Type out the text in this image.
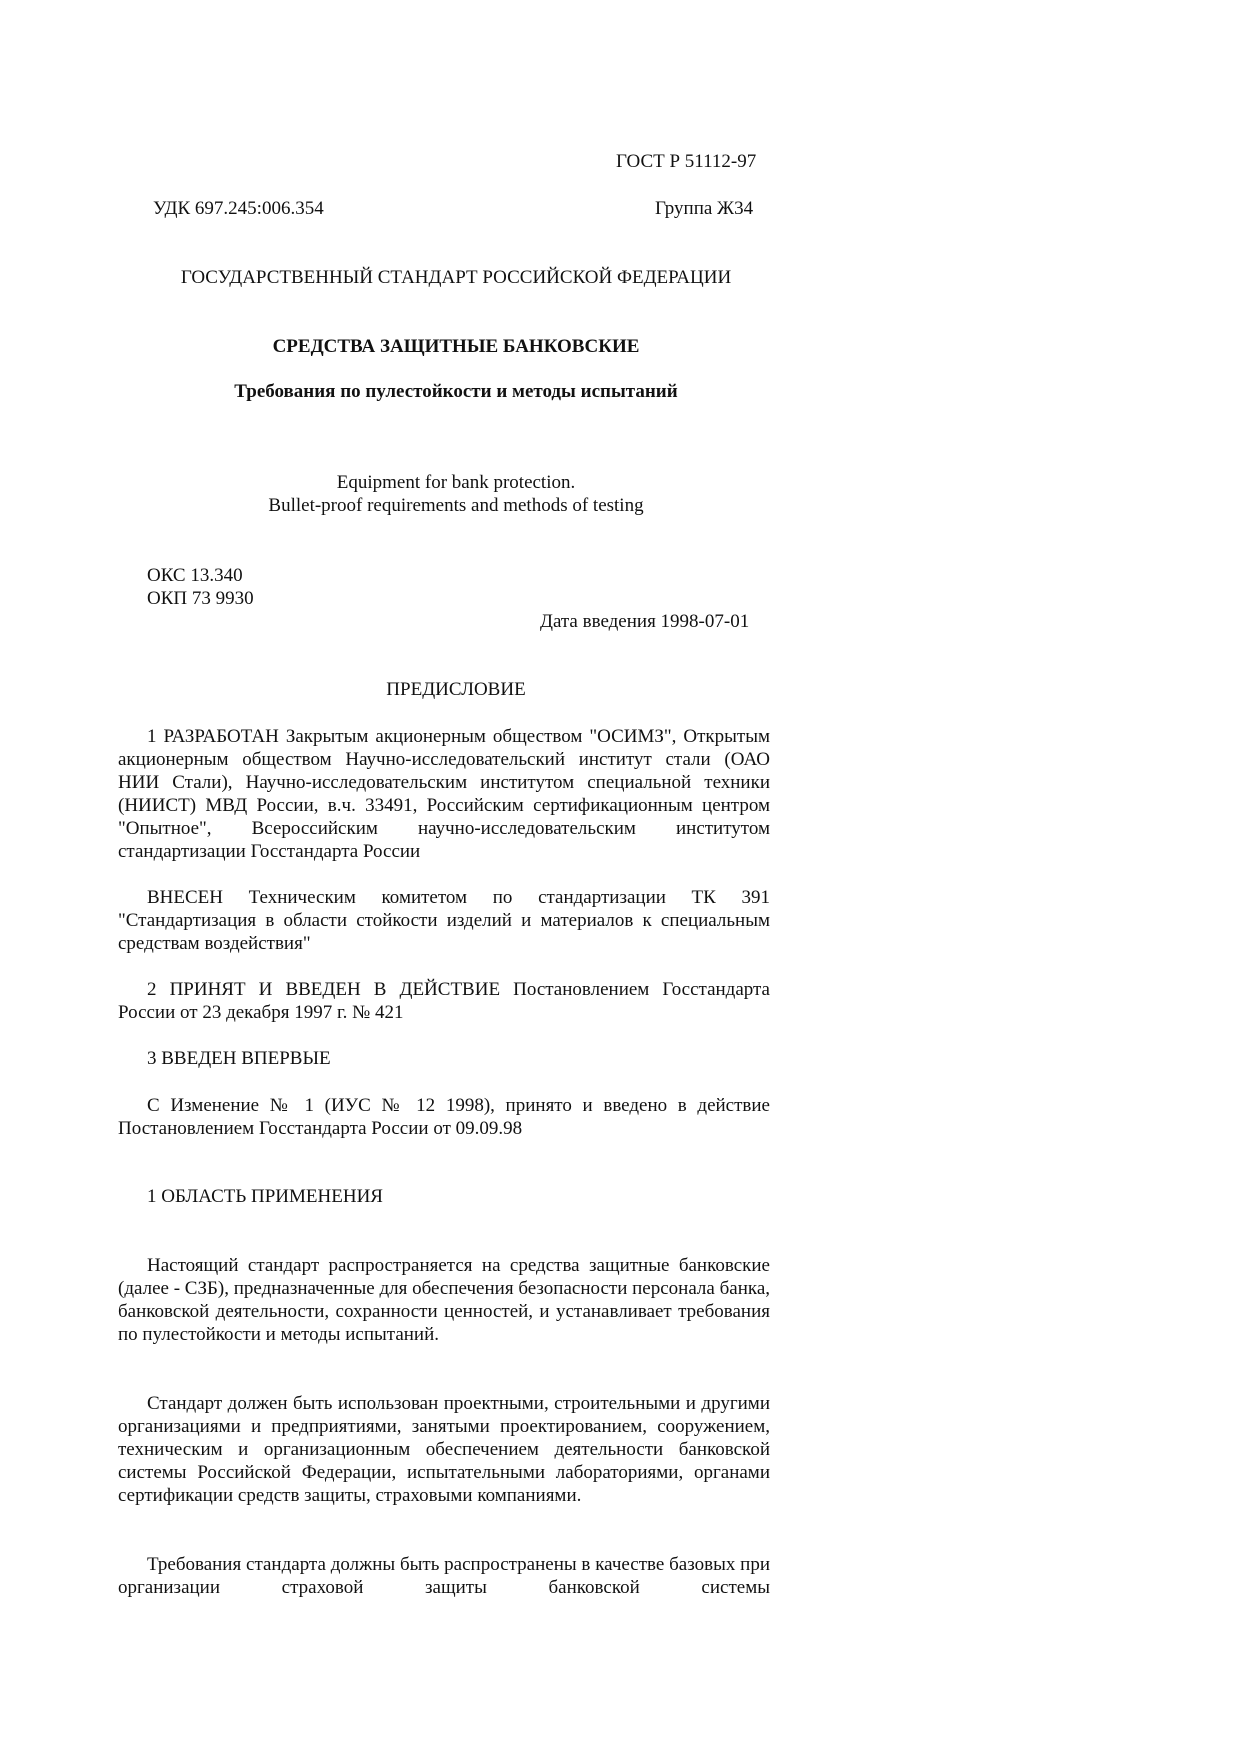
ГОСТ Р 51112-97
УДК 697.245:006.354	Группа Ж34
ГОСУДАРСТВЕННЫЙ СТАНДАРТ РОССИЙСКОЙ ФЕДЕРАЦИИ
СРЕДСТВА ЗАЩИТНЫЕ БАНКОВСКИЕ
Требования по пулестойкости и методы испытаний
Equipment for bank protection.
Bullet-proof requirements and methods of testing
ОКС 13.340
ОКП 73 9930
Дата введения 1998-07-01
ПРЕДИСЛОВИЕ
1 РАЗРАБОТАН Закрытым акционерным обществом "ОСИМЗ", Открытым акционерным обществом Научно-исследовательский институт стали (ОАО НИИ Стали), Научно-исследовательским институтом специальной техники (НИИСТ) МВД России, в.ч. 33491, Российским сертификационным центром "Опытное", Всероссийским научно-исследовательским институтом стандартизации Госстандарта России
ВНЕСЕН Техническим комитетом по стандартизации ТК 391 "Стандартизация в области стойкости изделий и материалов к специальным средствам воздействия"
2 ПРИНЯТ И ВВЕДЕН В ДЕЙСТВИЕ Постановлением Госстандарта России от 23 декабря 1997 г. № 421
3 ВВЕДЕН ВПЕРВЫЕ
С Изменение № 1 (ИУС № 12 1998), принято и введено в действие Постановлением Госстандарта России от 09.09.98
1 ОБЛАСТЬ ПРИМЕНЕНИЯ
Настоящий стандарт распространяется на средства защитные банковские (далее - СЗБ), предназначенные для обеспечения безопасности персонала банка, банковской деятельности, сохранности ценностей, и устанавливает требования по пулестойкости и методы испытаний.
Стандарт должен быть использован проектными, строительными и другими организациями и предприятиями, занятыми проектированием, сооружением, техническим и организационным обеспечением деятельности банковской системы Российской Федерации, испытательными лабораториями, органами сертификации средств защиты, страховыми компаниями.
Требования стандарта должны быть распространены в качестве базовых при организации страховой защиты банковской системы
